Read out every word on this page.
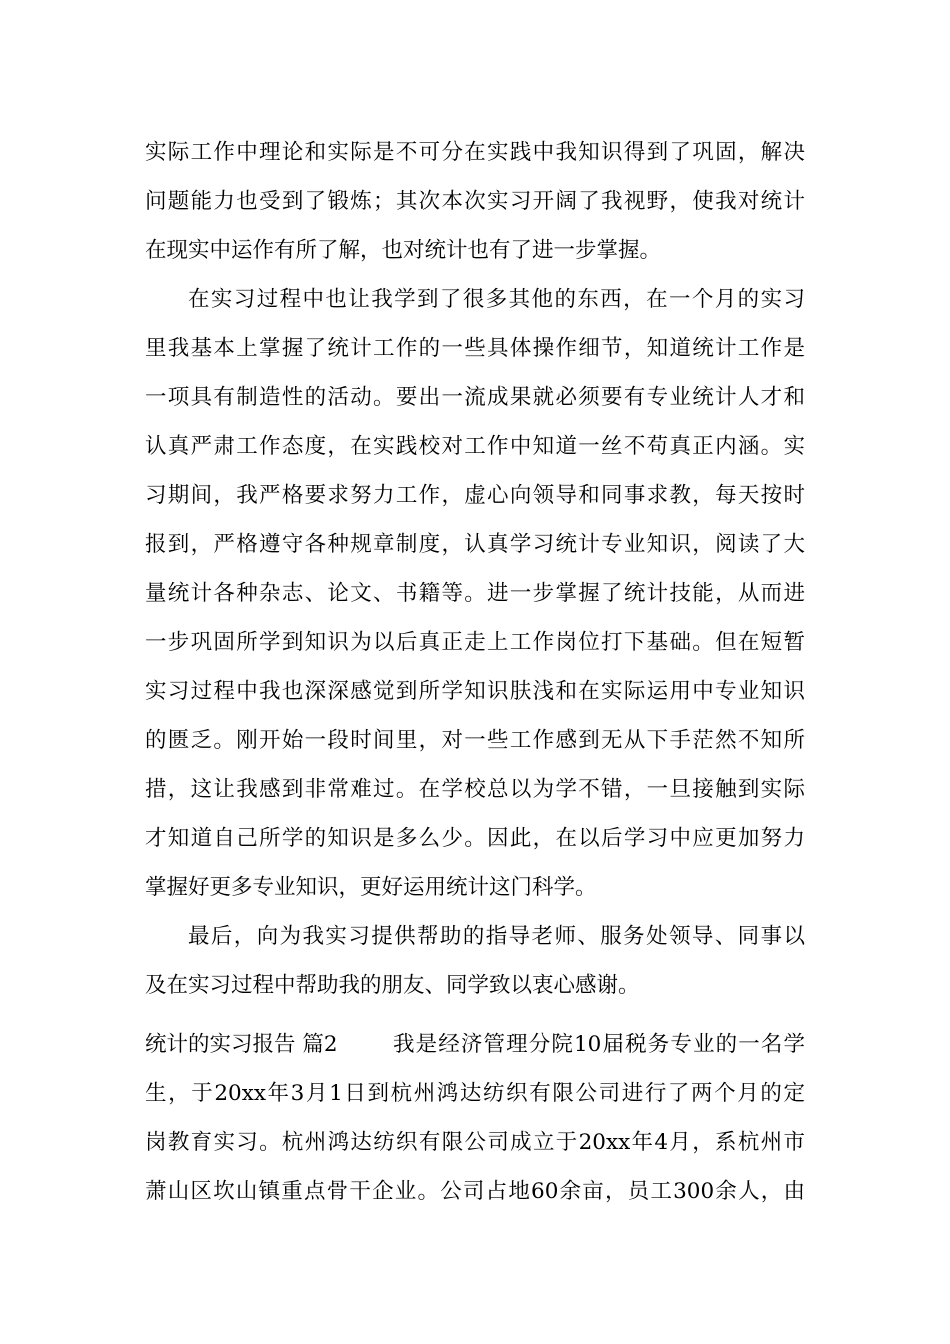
实际工作中理论和实际是不可分在实践中我知识得到了巩固，解决
问题能力也受到了锻炼；其次本次实习开阔了我视野，使我对统计
在现实中运作有所了解，也对统计也有了进一步掌握。
在实习过程中也让我学到了很多其他的东西，在一个月的实习
里我基本上掌握了统计工作的一些具体操作细节，知道统计工作是
一项具有制造性的活动。要出一流成果就必须要有专业统计人才和
认真严肃工作态度，在实践校对工作中知道一丝不苟真正内涵。实
习期间，我严格要求努力工作，虚心向领导和同事求教，每天按时
报到，严格遵守各种规章制度，认真学习统计专业知识，阅读了大
量统计各种杂志、论文、书籍等。进一步掌握了统计技能，从而进
一步巩固所学到知识为以后真正走上工作岗位打下基础。但在短暂
实习过程中我也深深感觉到所学知识肤浅和在实际运用中专业知识
的匮乏。刚开始一段时间里，对一些工作感到无从下手茫然不知所
措，这让我感到非常难过。在学校总以为学不错，一旦接触到实际
才知道自己所学的知识是多么少。因此，在以后学习中应更加努力
掌握好更多专业知识，更好运用统计这门科学。
最后，向为我实习提供帮助的指导老师、服务处领导、同事以
及在实习过程中帮助我的朋友、同学致以衷心感谢。
统计的实习报告 篇2	我是经济管理分院10届税务专业的一名学
生，于20xx年3月1日到杭州鸿达纺织有限公司进行了两个月的定
岗教育实习。杭州鸿达纺织有限公司成立于20xx年4月，系杭州市
萧山区坎山镇重点骨干企业。公司占地60余亩，员工300余人，由
